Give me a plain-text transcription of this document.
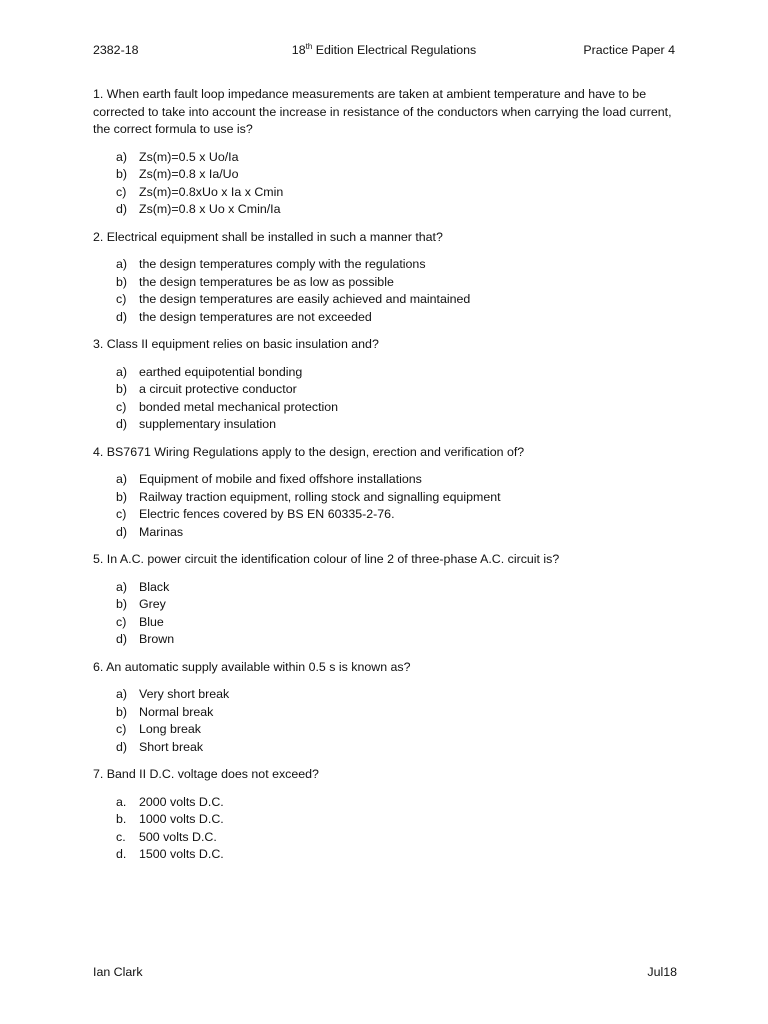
2382-18	18th Edition Electrical Regulations	Practice Paper 4

1. When earth fault loop impedance measurements are taken at ambient temperature and have to be corrected to take into account the increase in resistance of the conductors when carrying the load current, the correct formula to use is?

a) Zs(m)=0.5 x Uo/Ia
b) Zs(m)=0.8 x Ia/Uo
c)	Zs(m)=0.8xUo x Ia x Cmin
d) Zs(m)=0.8 x Uo x Cmin/Ia

2. Electrical equipment shall be installed in such a manner that?

a) the design temperatures comply with the regulations
b) the design temperatures be as low as possible
c)	the design temperatures are easily achieved and maintained
d) the design temperatures are not exceeded

3. Class II equipment relies on basic insulation and?

a) earthed equipotential bonding
b) a circuit protective conductor
c)	bonded metal mechanical protection
d) supplementary insulation

4. BS7671 Wiring Regulations apply to the design, erection and verification of?

a) Equipment of mobile and fixed offshore installations
b) Railway traction equipment, rolling stock and signalling equipment
c)	Electric fences covered by BS EN 60335-2-76.
d) Marinas

5. In A.C. power circuit the identification colour of line 2 of three-phase A.C. circuit is?

a) Black
b) Grey
c)	Blue
d) Brown

6. An automatic supply available within 0.5 s is known as?

a) Very short break
b) Normal break
c)	Long break
d) Short break

7. Band II D.C. voltage does not exceed?

a.	2000 volts D.C.
b.	1000 volts D.C.
c.	500 volts D.C.
d.	1500 volts D.C.
Ian Clark	Jul18
